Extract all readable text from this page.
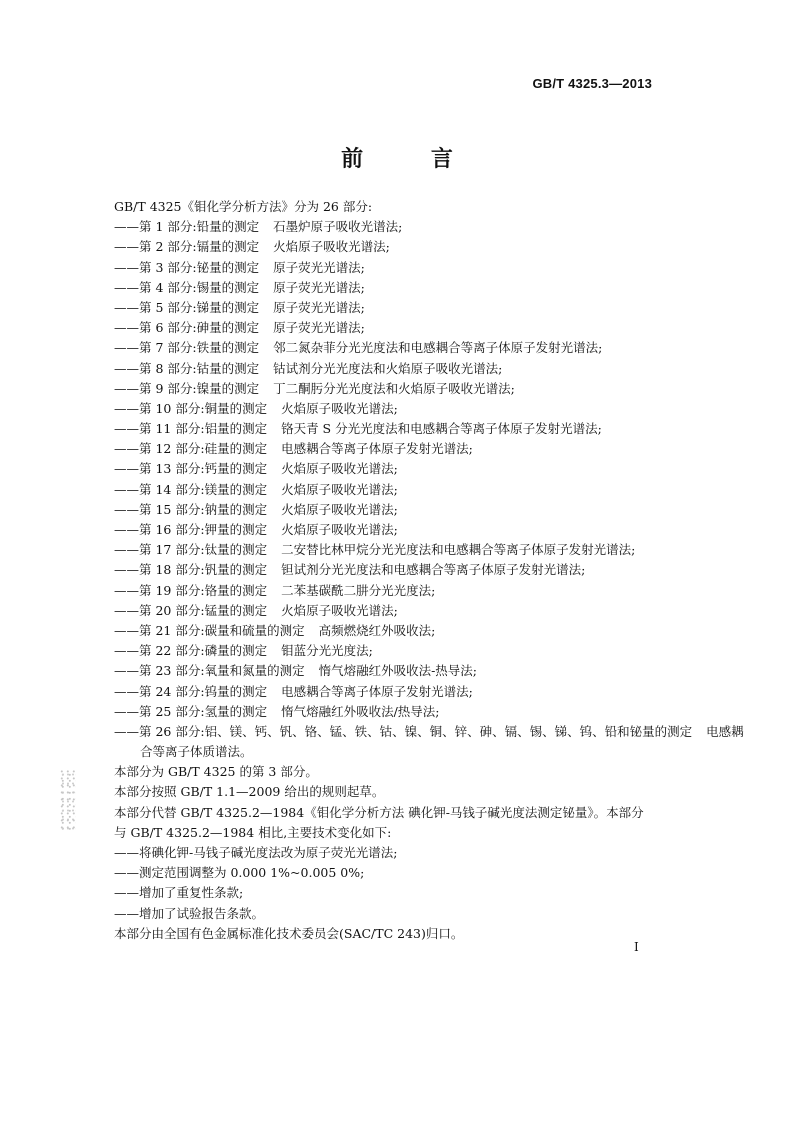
GB/T 4325.3—2013
前 言
GB/T 4325《钼化学分析方法》分为 26 部分:
——第 1 部分:铅量的测定 石墨炉原子吸收光谱法;
——第 2 部分:镉量的测定 火焰原子吸收光谱法;
——第 3 部分:铋量的测定 原子荧光光谱法;
——第 4 部分:锡量的测定 原子荧光光谱法;
——第 5 部分:锑量的测定 原子荧光光谱法;
——第 6 部分:砷量的测定 原子荧光光谱法;
——第 7 部分:铁量的测定 邻二氮杂菲分光光度法和电感耦合等离子体原子发射光谱法;
——第 8 部分:钴量的测定 钴试剂分光光度法和火焰原子吸收光谱法;
——第 9 部分:镍量的测定 丁二酮肟分光光度法和火焰原子吸收光谱法;
——第 10 部分:铜量的测定 火焰原子吸收光谱法;
——第 11 部分:铝量的测定 铬天青 S 分光光度法和电感耦合等离子体原子发射光谱法;
——第 12 部分:硅量的测定 电感耦合等离子体原子发射光谱法;
——第 13 部分:钙量的测定 火焰原子吸收光谱法;
——第 14 部分:镁量的测定 火焰原子吸收光谱法;
——第 15 部分:钠量的测定 火焰原子吸收光谱法;
——第 16 部分:钾量的测定 火焰原子吸收光谱法;
——第 17 部分:钛量的测定 二安替比林甲烷分光光度法和电感耦合等离子体原子发射光谱法;
——第 18 部分:钒量的测定 钽试剂分光光度法和电感耦合等离子体原子发射光谱法;
——第 19 部分:铬量的测定 二苯基碳酰二肼分光光度法;
——第 20 部分:锰量的测定 火焰原子吸收光谱法;
——第 21 部分:碳量和硫量的测定 高频燃烧红外吸收法;
——第 22 部分:磷量的测定 钼蓝分光光度法;
——第 23 部分:氧量和氮量的测定 惰气熔融红外吸收法-热导法;
——第 24 部分:钨量的测定 电感耦合等离子体原子发射光谱法;
——第 25 部分:氢量的测定 惰气熔融红外吸收法/热导法;
——第 26 部分:铝、镁、钙、钒、铬、锰、铁、钴、镍、铜、锌、砷、镉、锡、锑、钨、铅和铋量的测定 电感耦
合等离子体质谱法。
本部分为 GB/T 4325 的第 3 部分。
本部分按照 GB/T 1.1—2009 给出的规则起草。
本部分代替 GB/T 4325.2—1984《钼化学分析方法 碘化钾-马钱子碱光度法测定铋量》。本部分
与 GB/T 4325.2—1984 相比,主要技术变化如下:
——将碘化钾-马钱子碱光度法改为原子荧光光谱法;
——测定范围调整为 0.000 1%~0.005 0%;
——增加了重复性条款;
——增加了试验报告条款。
本部分由全国有色金属标准化技术委员会(SAC/TC 243)归口。
I
